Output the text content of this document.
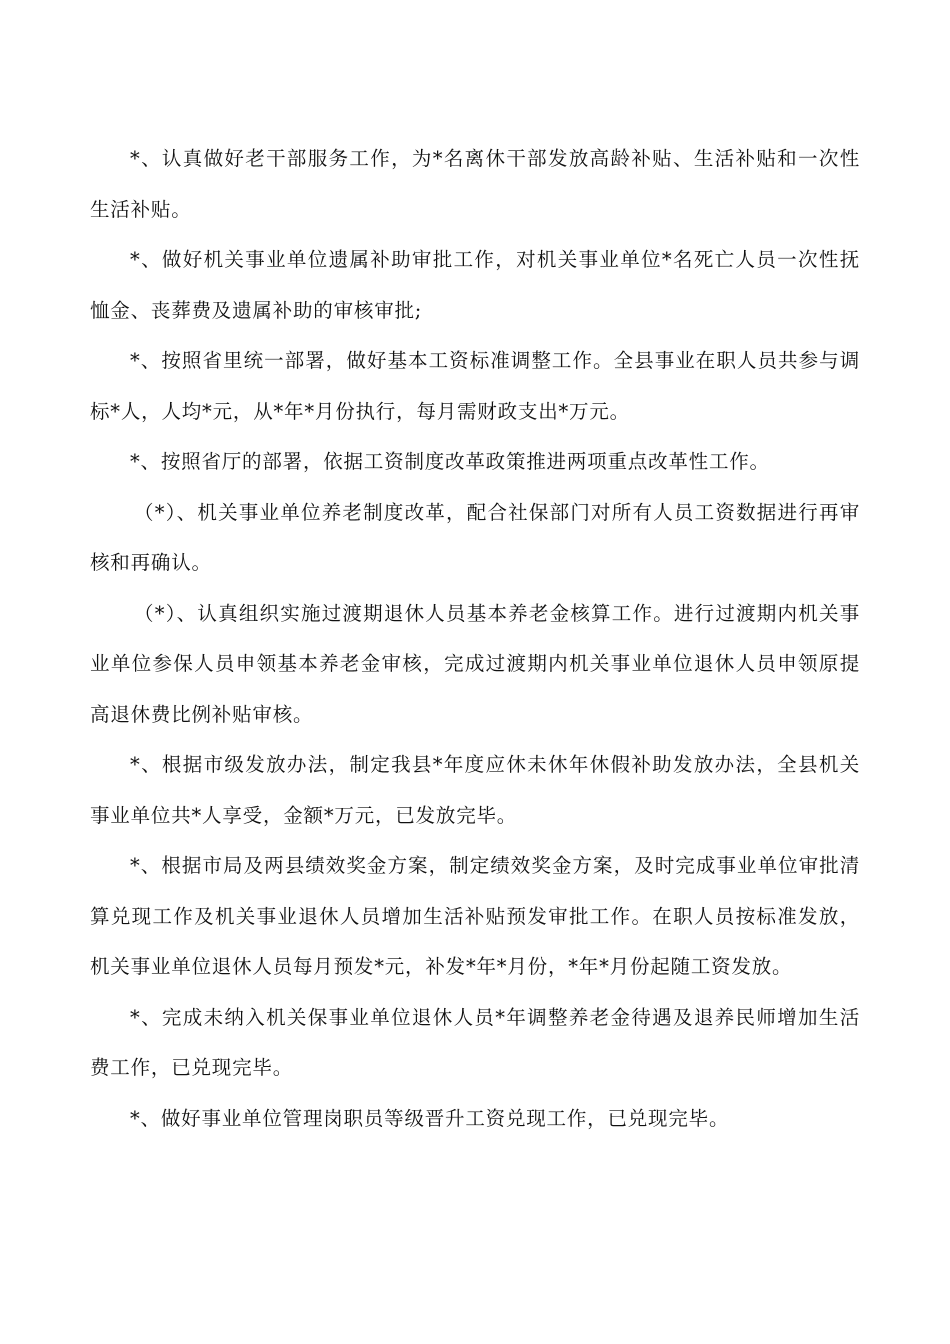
*、认真做好老干部服务工作，为*名离休干部发放高龄补贴、生活补贴和一次性生活补贴。

*、做好机关事业单位遗属补助审批工作，对机关事业单位*名死亡人员一次性抚恤金、丧葬费及遗属补助的审核审批;

*、按照省里统一部署，做好基本工资标准调整工作。全县事业在职人员共参与调标*人，人均*元，从*年*月份执行，每月需财政支出*万元。

*、按照省厅的部署，依据工资制度改革政策推进两项重点改革性工作。

（*）、机关事业单位养老制度改革，配合社保部门对所有人员工资数据进行再审核和再确认。

（*）、认真组织实施过渡期退休人员基本养老金核算工作。进行过渡期内机关事业单位参保人员申领基本养老金审核，完成过渡期内机关事业单位退休人员申领原提高退休费比例补贴审核。

*、根据市级发放办法，制定我县*年度应休未休年休假补助发放办法，全县机关事业单位共*人享受，金额*万元，已发放完毕。

*、根据市局及两县绩效奖金方案，制定绩效奖金方案，及时完成事业单位审批清算兑现工作及机关事业退休人员增加生活补贴预发审批工作。在职人员按标准发放，机关事业单位退休人员每月预发*元，补发*年*月份，*年*月份起随工资发放。

*、完成未纳入机关保事业单位退休人员*年调整养老金待遇及退养民师增加生活费工作，已兑现完毕。

*、做好事业单位管理岗职员等级晋升工资兑现工作，已兑现完毕。
